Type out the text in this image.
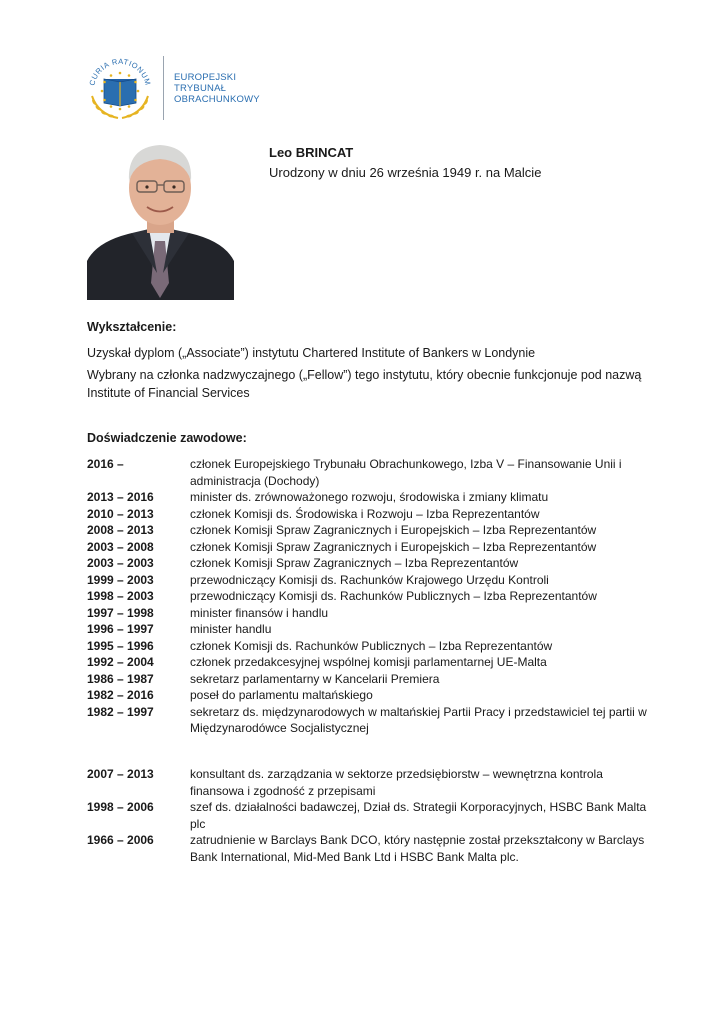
CURIA RATIONUM EUROPEJSKI
TRYBUNAŁ
OBRACHUNKOWY
Leo BRINCAT
Urodzony w dniu 26 września 1949 r. na Malcie
Wykształcenie:
Uzyskał dyplom („Associate”) instytutu Chartered Institute of Bankers w Londynie
Wybrany na członka nadzwyczajnego („Fellow”) tego instytutu, który obecnie funkcjonuje pod nazwą Institute of Financial Services
Doświadczenie zawodowe:
2016 –	członek Europejskiego Trybunału Obrachunkowego, Izba V – Finansowanie Unii i administracja (Dochody)
2013 – 2016	minister ds. zrównoważonego rozwoju, środowiska i zmiany klimatu
2010 – 2013	członek Komisji ds. Środowiska i Rozwoju – Izba Reprezentantów
2008 – 2013	członek Komisji Spraw Zagranicznych i Europejskich – Izba Reprezentantów
2003 – 2008	członek Komisji Spraw Zagranicznych i Europejskich – Izba Reprezentantów
2003 – 2003	członek Komisji Spraw Zagranicznych – Izba Reprezentantów
1999 – 2003	przewodniczący Komisji ds. Rachunków Krajowego Urzędu Kontroli
1998 – 2003	przewodniczący Komisji ds. Rachunków Publicznych – Izba Reprezentantów
1997 – 1998	minister finansów i handlu
1996 – 1997	minister handlu
1995 – 1996	członek Komisji ds. Rachunków Publicznych – Izba Reprezentantów
1992 – 2004	członek przedakcesyjnej wspólnej komisji parlamentarnej UE-Malta
1986 – 1987	sekretarz parlamentarny w Kancelarii Premiera
1982 – 2016	poseł do parlamentu maltańskiego
1982 – 1997	sekretarz ds. międzynarodowych w maltańskiej Partii Pracy i przedstawiciel tej partii w Międzynarodówce Socjalistycznej
2007 – 2013	konsultant ds. zarządzania w sektorze przedsiębiorstw – wewnętrzna kontrola finansowa i zgodność z przepisami
1998 – 2006	szef ds. działalności badawczej, Dział ds. Strategii Korporacyjnych, HSBC Bank Malta plc
1966 – 2006	zatrudnienie w Barclays Bank DCO, który następnie został przekształcony w Barclays Bank International, Mid-Med Bank Ltd i HSBC Bank Malta plc.
